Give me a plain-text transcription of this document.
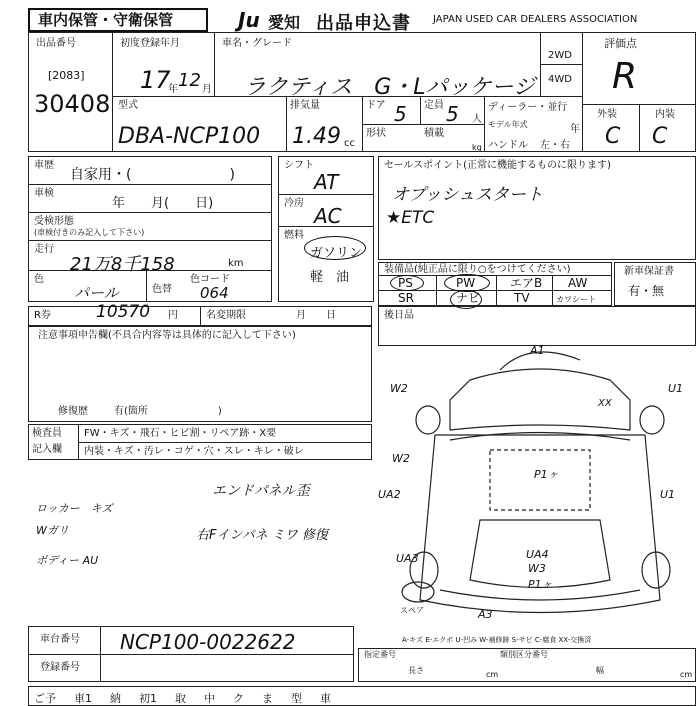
車内保管・守衛保管	Ju 愛知 出品申込書 JAPAN USED CAR DEALERS ASSOCIATION
出品番号
[2083]
30408
初度登録年月
17
年 12 月
車名・グレード
ラクティス　G・Lパッケージ
2WD
4WD
評価点
R
外装	内装
C C
型式
DBA-NCP100
排気量
1.49 cc
ドア 5 定員 5 人
形状	積載
kg
ディーラー・並行
モデル年式	年
ハンドル 左・右
車歴
自家用・(　　　　　　　)
車検
年　　月(　　日)
受検形態
(車検付きのみ記入して下さい)
走行
21万8千158	km
色
パール	色替
色コード
064
シフト
AT
冷房
AC
燃料
ガソリン
軽　油
セールスポイント(正常に機能するものに限ります)
オプッシュスタート
★ETC
装備品(純正品に限り○をつけてください)
PS	PW	エアB AW
SR	ナビ	TV	カワシート
新車保証書
有・無
R券	10570 円	名変期限	月　　日
注意事項申告欄(不具合内容等は具体的に記入して下さい)
修復歴	有(箇所　　　　　　　)
後日品
検査員
記入欄
FW・キズ・飛石・ヒビ割・リペア跡・X要
内装・キズ・汚レ・コゲ・穴・スレ・キレ・破レ
エンドパネル歪
ロッカー　キズ
Wガリ
ボディー AU
右Fインパネ ミワ 修復
A1
W2	U1
XX
W2
UA2
P1ヶ
U1
UA3	UA4
W3
P1ヶ
A3
スペア
A-キズ E-エクボ U-凹み W-補修跡 S-サビ C-腐食 XX-交換済
車台番号 NCP100-0022622
登録番号
指定番号
長さ	幅
類別区分番号
cm	cm
ご予 車1 納 初1 取 中 ク ま 型 車
